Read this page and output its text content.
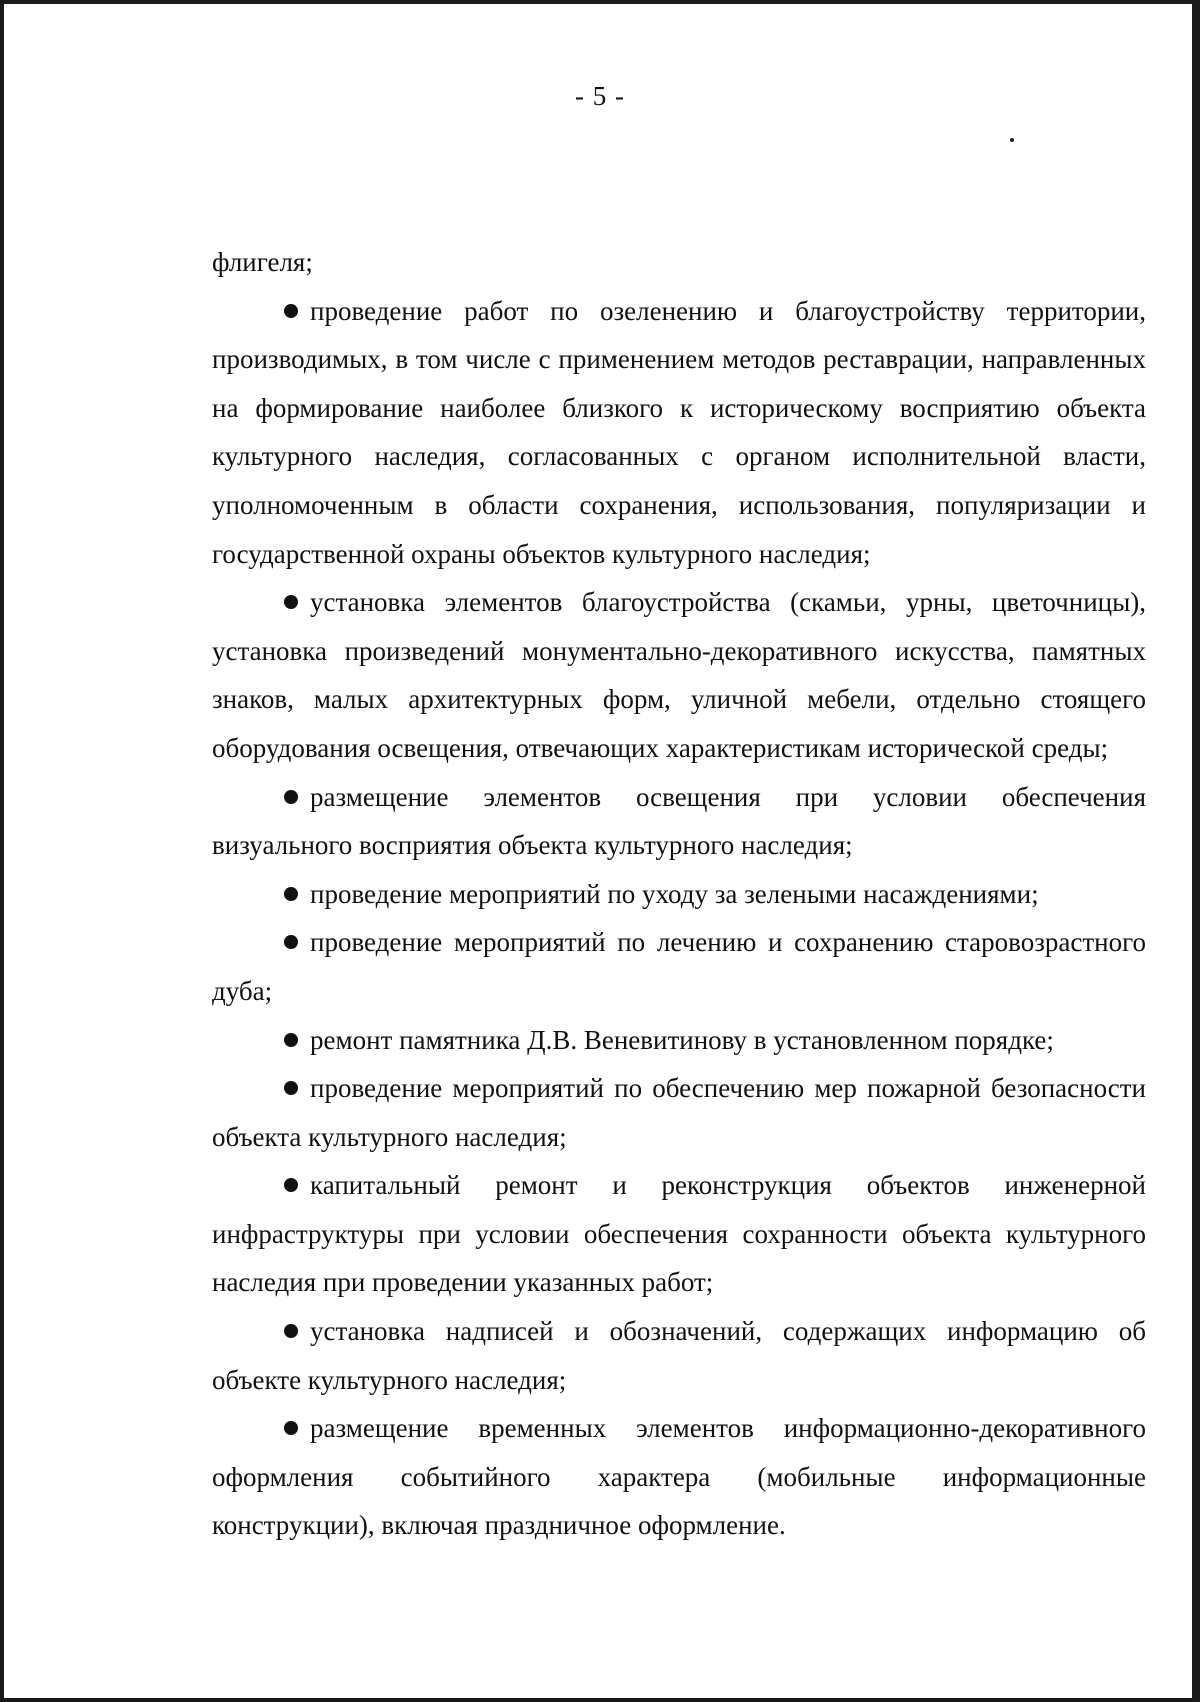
- 5 -

флигеля;

проведение работ по озеленению и благоустройству территории, производимых, в том числе с применением методов реставрации, направленных на формирование наиболее близкого к историческому восприятию объекта культурного наследия, согласованных с органом исполнительной власти, уполномоченным в области сохранения, использования, популяризации и государственной охраны объектов культурного наследия;

установка элементов благоустройства (скамьи, урны, цветочницы), установка произведений монументально-декоративного искусства, памятных знаков, малых архитектурных форм, уличной мебели, отдельно стоящего оборудования освещения, отвечающих характеристикам исторической среды;

размещение элементов освещения при условии обеспечения визуального восприятия объекта культурного наследия;

проведение мероприятий по уходу за зелеными насаждениями;

проведение мероприятий по лечению и сохранению старовозрастного дуба;

ремонт памятника Д.В. Веневитинову в установленном порядке;

проведение мероприятий по обеспечению мер пожарной безопасности объекта культурного наследия;

капитальный ремонт и реконструкция объектов инженерной инфраструктуры при условии обеспечения сохранности объекта культурного наследия при проведении указанных работ;

установка надписей и обозначений, содержащих информацию об объекте культурного наследия;

размещение временных элементов информационно-декоративного оформления событийного характера (мобильные информационные конструкции), включая праздничное оформление.
